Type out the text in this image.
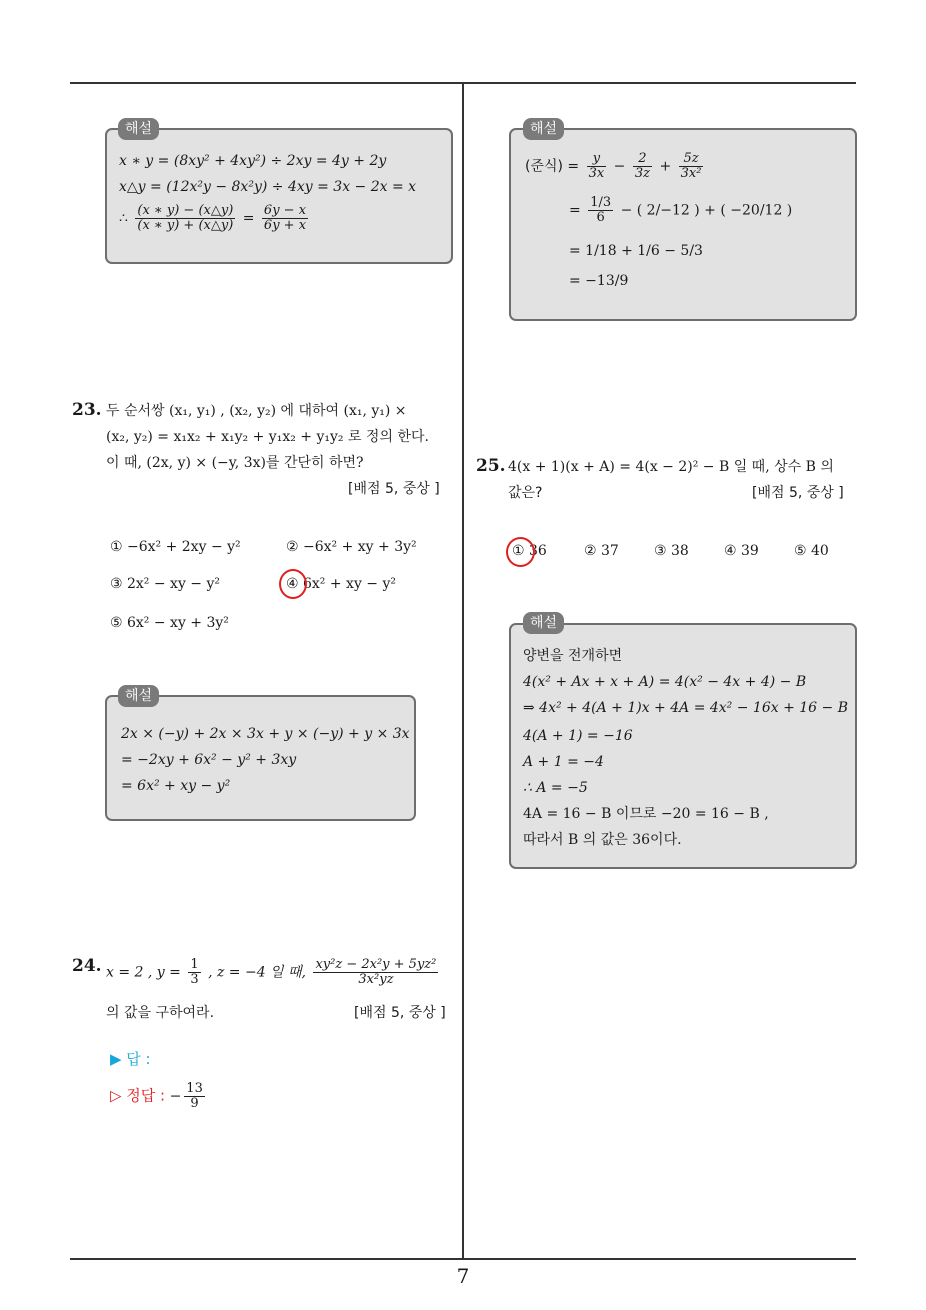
7
x ∗ y = (8xy² + 4xy²) ÷ 2xy = 4y + 2y
x△y = (12x²y − 8x²y) ÷ 4xy = 3x − 2x = x
∴ $\frac{(x ∗ y) - (x\triangle y)}{(x ∗ y) + (x\triangle y)} = \frac{6y - x}{6y + x}$
해설
(준식) = $\frac{y}{3x} - \frac{2}{3z} + \frac{5z}{\text{3x²}}$
= $\frac{1/3}{6}$ − ( 2/−12 ) + ( −20/12 )
= 1/18 + 1/6 − 5/3
= −13/9
해설
23. 두 순서쌍 (x₁, y₁) , (x₂, y₂) 에 대하여 (x₁, y₁) ×
(x₂, y₂) = x₁x₂ + x₁y₂ + y₁x₂ + y₁y₂ 로 정의 한다.
이 때, (2x, y) × (−y, 3x)를 간단히 하면?
[배점 5, 중상 ]
① −6x² + 2xy − y²	② −6x² + xy + 3y²
③ 2x² − xy − y²	④ 6x² + xy − y²
⑤ 6x² − xy + 3y²
2x × (−y) + 2x × 3x + y × (−y) + y × 3x
= −2xy + 6x² − y² + 3xy
= 6x² + xy − y²
해설
24. x = 2 , $y = \frac{1}{3}$ , z = −4 일 때, $\frac{\text{xy²z − 2x²y + 5yz²}}{\text{3x²yz}}$
의 값을 구하여라.	[배점 5, 중상 ]
▶ 답 :
▷ 정답 : − $\frac{13}{9}$
25. 4(x + 1)(x + A) = 4(x − 2)² − B 일 때, 상수 B 의
값은?	[배점 5, 중상 ]
① 36	② 37	③ 38	④ 39	⑤ 40
양변을 전개하면
4(x² + Ax + x + A) = 4(x² − 4x + 4) − B
⇒ 4x² + 4(A + 1)x + 4A = 4x² − 16x + 16 − B
4(A + 1) = −16
A + 1 = −4
∴ A = −5
4A = 16 − B 이므로 −20 = 16 − B ,
따라서 B 의 값은 36이다.
해설
